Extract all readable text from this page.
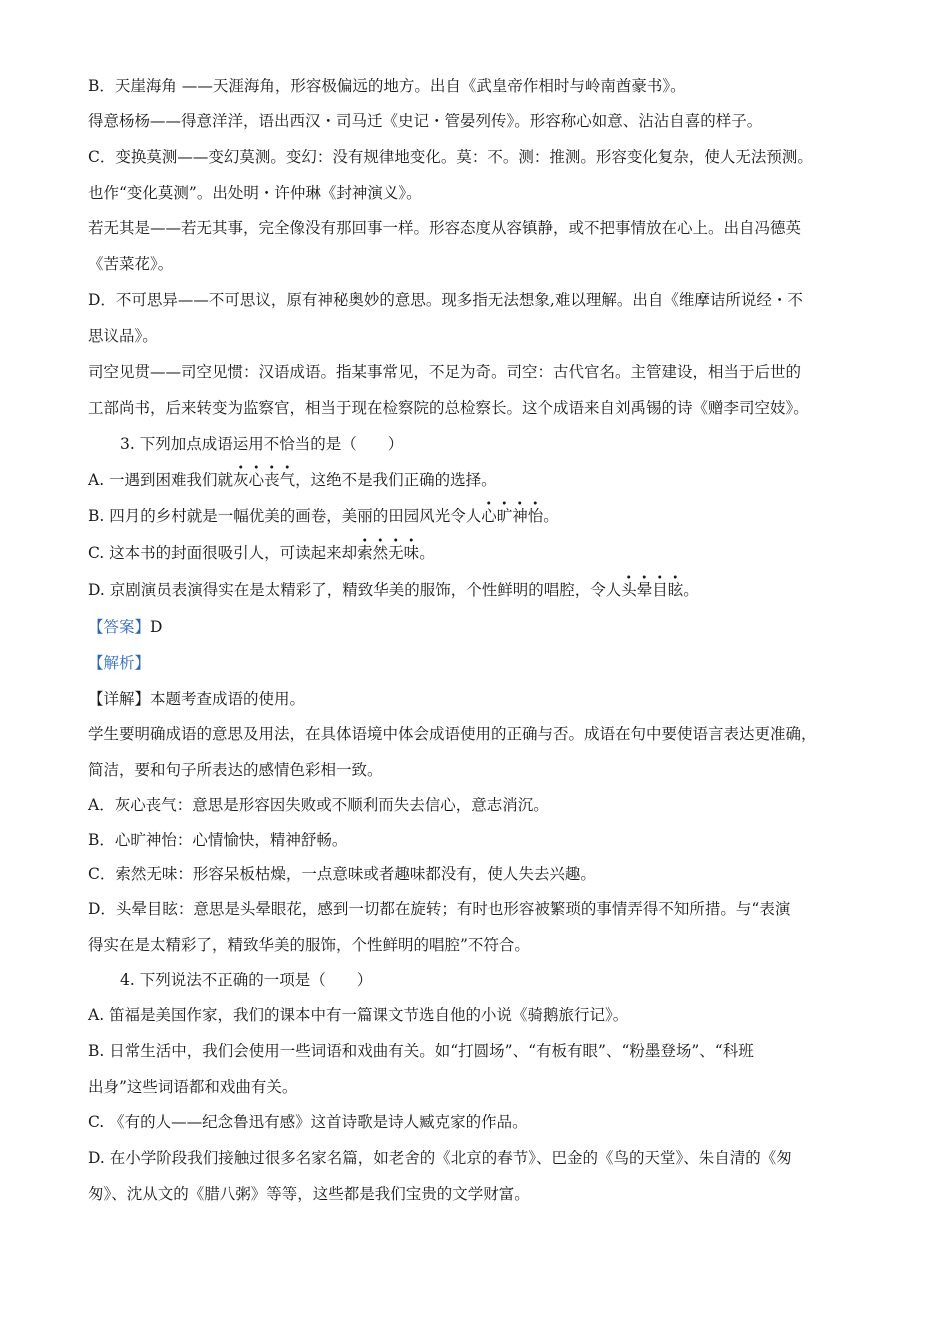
B．天崖海角 ——天涯海角，形容极偏远的地方。出自《武皇帝作相时与岭南酋豪书》。
得意杨杨——得意洋洋，语出西汉・司马迁《史记・管晏列传》。形容称心如意、沾沾自喜的样子。
C．变换莫测——变幻莫测。变幻：没有规律地变化。莫：不。测：推测。形容变化复杂，使人无法预测。
也作“变化莫测”。出处明・许仲琳《封神演义》。
若无其是——若无其事，完全像没有那回事一样。形容态度从容镇静，或不把事情放在心上。出自冯德英
《苦菜花》。
D．不可思异——不可思议，原有神秘奥妙的意思。现多指无法想象,难以理解。出自《维摩诘所说经・不
思议品》。
司空见贯——司空见惯：汉语成语。指某事常见，不足为奇。司空：古代官名。主管建设，相当于后世的
工部尚书，后来转变为监察官，相当于现在检察院的总检察长。这个成语来自刘禹锡的诗《赠李司空妓》。
3. 下列加点成语运用不恰当的是（　　）
A. 一遇到困难我们就灰心丧气，这绝不是我们正确的选择。
B. 四月的乡村就是一幅优美的画卷，美丽的田园风光令人心旷神怡。
C. 这本书的封面很吸引人，可读起来却索然无味。
D. 京剧演员表演得实在是太精彩了，精致华美的服饰，个性鲜明的唱腔，令人头晕目眩。
【答案】D
【解析】
【详解】本题考查成语的使用。
学生要明确成语的意思及用法，在具体语境中体会成语使用的正确与否。成语在句中要使语言表达更准确，
简洁，要和句子所表达的感情色彩相一致。
A．灰心丧气：意思是形容因失败或不顺利而失去信心，意志消沉。
B．心旷神怡：心情愉快，精神舒畅。
C．索然无味：形容呆板枯燥，一点意味或者趣味都没有，使人失去兴趣。
D．头晕目眩：意思是头晕眼花，感到一切都在旋转；有时也形容被繁琐的事情弄得不知所措。与“表演
得实在是太精彩了，精致华美的服饰，个性鲜明的唱腔”不符合。
4. 下列说法不正确的一项是（　　）
A. 笛福是美国作家，我们的课本中有一篇课文节选自他的小说《骑鹅旅行记》。
B. 日常生活中，我们会使用一些词语和戏曲有关。如“打圆场”、“有板有眼”、“粉墨登场”、“科班
出身”这些词语都和戏曲有关。
C. 《有的人——纪念鲁迅有感》这首诗歌是诗人臧克家的作品。
D. 在小学阶段我们接触过很多名家名篇，如老舍的《北京的春节》、巴金的《鸟的天堂》、朱自清的《匆
匆》、沈从文的《腊八粥》等等，这些都是我们宝贵的文学财富。
